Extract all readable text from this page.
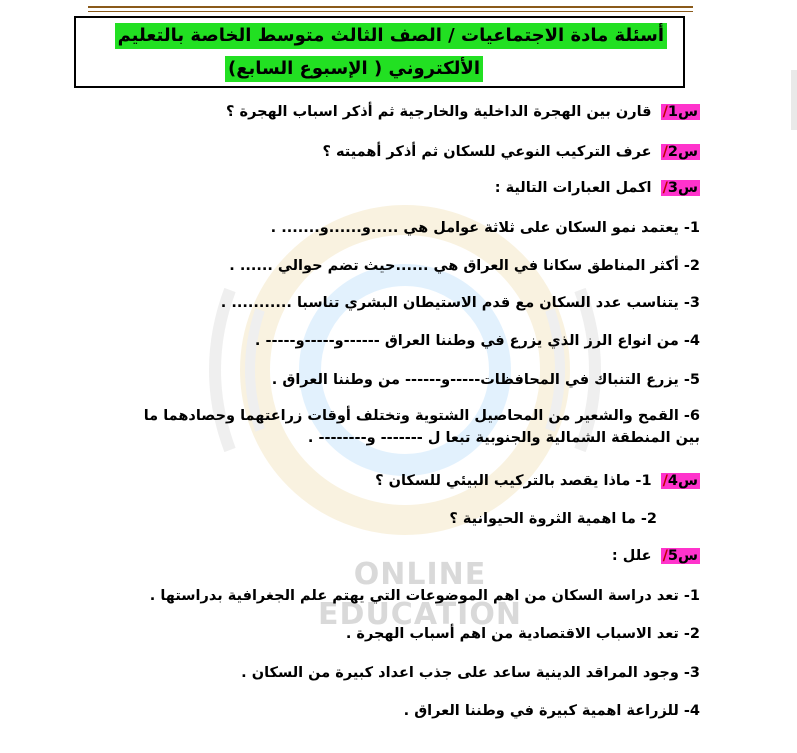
ONLINE EDUCATION
أسئلة مادة الاجتماعيات / الصف الثالث متوسط الخاصة بالتعليم
الألكتروني ( الإسبوع السابع)
س1/ قارن بين الهجرة الداخلية والخارجية ثم أذكر اسباب الهجرة ؟
س2/ عرف التركيب النوعي للسكان ثم أذكر أهميته ؟
س3/ اكمل العبارات التالية :
1- يعتمد نمو السكان على ثلاثة عوامل هي .....و......و....... .
2- أكثر المناطق سكانا في العراق هي ......حيث تضم حوالي ...... .
3- يتناسب عدد السكان مع قدم الاستيطان البشري تناسبا ........... .
4- من انواع الرز الذي يزرع في وطننا العراق ------و-----و----- .
5- يزرع التنباك في المحافظات-----و------ من وطننا العراق .
6- القمح والشعير من المحاصيل الشتوية وتختلف أوقات زراعتهما وحصادهما ما بين المنطقة الشمالية والجنوبية تبعا ل ------- و-------- .
س4/ 1- ماذا يقصد بالتركيب البيئي للسكان ؟
2- ما اهمية الثروة الحيوانية ؟
س5/ علل :
1- تعد دراسة السكان من اهم الموضوعات التي يهتم علم الجغرافية بدراستها .
2- تعد الاسباب الاقتصادية من اهم أسباب الهجرة .
3- وجود المراقد الدينية ساعد على جذب اعداد كبيرة من السكان .
4- للزراعة اهمية كبيرة في وطننا العراق .
